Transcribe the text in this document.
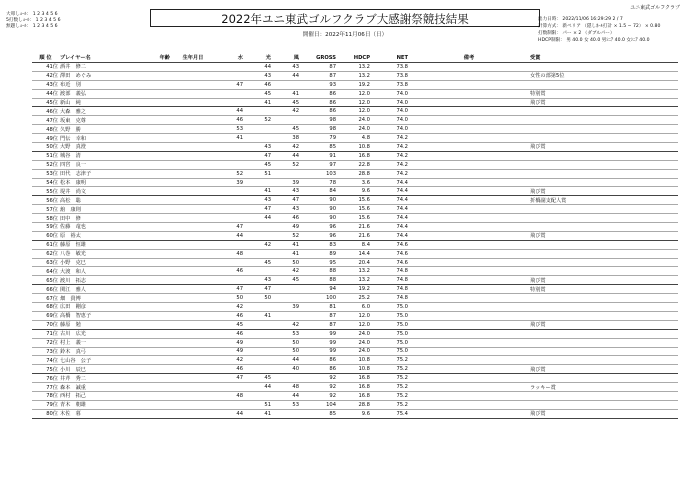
大叩しｮｰﾙ： 1 2 3 4 5 6
5打数しｮｰﾙ： 1 2 3 4 5 6
無題しｮｰﾙ： 1 2 3 4 5 6
2022年ユニ東武ゴルフクラブ大感謝祭競技結果
開催日：2022年11月06日（日）
ユニ東武ゴルフクラブ
出力日時： 2022/11/06 16:29:29 2 / 7
計算方式： 新ペリア （隠しﾎｰﾙ打計 × 1.5 − 72） × 0.80
打数制限： パー × 2 （ダブルパー）
HDCP制限： 男 40.0 女 40.0 男ｼﾆｱ 40.0 女ｼﾆｱ 40.0
順 位	プレイヤー名	年齢	生年月日	水	光	風	GROSS	HDCP	NET	備考	受賞
41位	酒井　修二				44	43	87	13.2	73.8		
42位	澤田　めぐみ				43	44	87	13.2	73.8		女性の部第5位
43位	布近　別			47	46		93	19.2	73.8		
44位	渡部　義弘				45	41	86	12.0	74.0		特別賞
45位	新山　純				41	45	86	12.0	74.0		飛び賞
46位	大森　雅之			44		42	86	12.0	74.0		
47位	坂東　克尊			46	52		98	24.0	74.0		
48位	久野　勝			53		45	98	24.0	74.0		
49位	門伝　幸和			41		38	79	4.8	74.2		
50位	大野　真澄				43	42	85	10.8	74.2		飛び賞
51位	城谷　清				47	44	91	16.8	74.2		
52位	四宮　良一				45	52	97	22.8	74.2		
53位	田代　志津子			52	51		103	28.8	74.2		
54位	松本　康明			39		39	78	3.6	74.4		
55位	堤井　尚文				41	43	84	9.6	74.4		飛び賞
56位	高松　聡				43	47	90	15.6	74.4		折橋副支配人賞
57位	舘　康則				47	43	90	15.6	74.4		
58位	田中　修				44	46	90	15.6	74.4		
59位	佐藤　竜也			47		49	96	21.6	74.4		
60位	原　裕太			44		52	96	21.6	74.4		飛び賞
61位	藤原　恒雄				42	41	83	8.4	74.6		
62位	八巻　敏光			48		41	89	14.4	74.6		
63位	小野　克巳				45	50	95	20.4	74.6		
64位	大渡　和人			46		42	88	13.2	74.8		
65位	渡川　拓志				43	45	88	13.2	74.8		飛び賞
66位	関江　雅人			47	47		94	19.2	74.8		特別賞
67位	畑　貴博			50	50		100	25.2	74.8		
68位	広田　剛彦			42		39	81	6.0	75.0		
69位	高橋　智恵子			46	41		87	12.0	75.0		
70位	藤原　勉			45		42	87	12.0	75.0		飛び賞
71位	古川　広光			46		53	99	24.0	75.0		
72位	村上　義一			49		50	99	24.0	75.0		
73位	鈴木　真弓			49		50	99	24.0	75.0		
74位	七山谷　公子			42		44	86	10.8	75.2		
75位	小川　辰巳			46		40	86	10.8	75.2		飛び賞
76位	井芹　秀二			47	45		92	16.8	75.2		
77位	森本　誠重				44	48	92	16.8	75.2		ラッキー賞
78位	西村　拓己			48		44	92	16.8	75.2		
79位	青木　朝雄				51	53	104	28.8	75.2		
80位	木佐　暮			44	41		85	9.6	75.4		飛び賞
